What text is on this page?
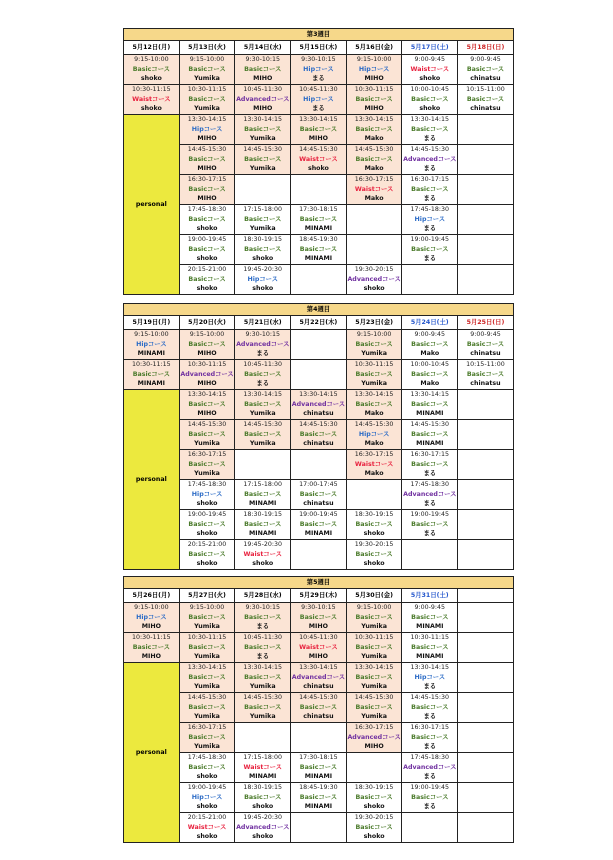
第3週目						
5月12日(月)	5月13日(火)	5月14日(水)	5月15日(木)	5月16日(金)	5月17日(土)	5月18日(日)

9:15-10:00
Basicコース
shoko	9:15-10:00
Basicコース
Yumika	9:30-10:15
Basicコース
MIHO	9:30-10:15
Hipコース
まる	9:15-10:00
Hipコース
MIHO	9:00-9:45
Waistコース
shoko	9:00-9:45
Basicコース
chinatsu

10:30-11:15
Waistコース
shoko	10:30-11:15
Basicコース
Yumika	10:45-11:30
Advancedコース
MIHO	10:45-11:30
Hipコース
まる	10:30-11:15
Basicコース
MIHO	10:00-10:45
Basicコース
shoko	10:15-11:00
Basicコース
chinatsu

personal	13:30-14:15
Hipコース
MIHO	13:30-14:15
Basicコース
Yumika	13:30-14:15
Basicコース
MIHO	13:30-14:15
Basicコース
Mako	13:30-14:15
Basicコース
まる	

	14:45-15:30
Basicコース
MIHO	14:45-15:30
Basicコース
Yumika	14:45-15:30
Waistコース
shoko	14:45-15:30
Basicコース
Mako	14:45-15:30
Advancedコース
まる	

	16:30-17:15
Basicコース
MIHO			16:30-17:15
Waistコース
Mako	16:30-17:15
Basicコース
まる	

	17:45-18:30
Basicコース
shoko	17:15-18:00
Basicコース
Yumika	17:30-18:15
Basicコース
MINAMI		17:45-18:30
Hipコース
まる	

	19:00-19:45
Basicコース
shoko	18:30-19:15
Basicコース
shoko	18:45-19:30
Basicコース
MINAMI		19:00-19:45
Basicコース
まる	

	20:15-21:00
Basicコース
shoko	19:45-20:30
Hipコース
shoko		19:30-20:15
Advancedコース
shoko		

第4週目						
5月19日(月)	5月20日(火)	5月21日(水)	5月22日(木)	5月23日(金)	5月24日(土)	5月25日(日)

9:15-10:00
Hipコース
MINAMI	9:15-10:00
Basicコース
MIHO	9:30-10:15
Advancedコース
まる		9:15-10:00
Basicコース
Yumika	9:00-9:45
Basicコース
Mako	9:00-9:45
Basicコース
chinatsu

10:30-11:15
Basicコース
MINAMI	10:30-11:15
Advancedコース
MIHO	10:45-11:30
Basicコース
まる		10:30-11:15
Basicコース
Yumika	10:00-10:45
Basicコース
Mako	10:15-11:00
Basicコース
chinatsu

personal	13:30-14:15
Basicコース
MIHO	13:30-14:15
Basicコース
Yumika	13:30-14:15
Advancedコース
chinatsu	13:30-14:15
Basicコース
Mako	13:30-14:15
Basicコース
MINAMI	

	14:45-15:30
Basicコース
Yumika	14:45-15:30
Basicコース
Yumika	14:45-15:30
Basicコース
chinatsu	14:45-15:30
Hipコース
Mako	14:45-15:30
Basicコース
MINAMI	

	16:30-17:15
Basicコース
Yumika			16:30-17:15
Waistコース
Mako	16:30-17:15
Basicコース
まる	

	17:45-18:30
Hipコース
shoko	17:15-18:00
Basicコース
MINAMI	17:00-17:45
Basicコース
chinatsu		17:45-18:30
Advancedコース
まる	

	19:00-19:45
Basicコース
shoko	18:30-19:15
Basicコース
MINAMI	19:00-19:45
Basicコース
MINAMI	18:30-19:15
Basicコース
shoko	19:00-19:45
Basicコース
まる	

	20:15-21:00
Basicコース
shoko	19:45-20:30
Waistコース
shoko		19:30-20:15
Basicコース
shoko		

第5週目						
5月26日(月)	5月27日(火)	5月28日(水)	5月29日(木)	5月30日(金)	5月31日(土)	

9:15-10:00
Hipコース
MIHO	9:15-10:00
Basicコース
Yumika	9:30-10:15
Basicコース
まる	9:30-10:15
Basicコース
MIHO	9:15-10:00
Basicコース
Yumika	9:00-9:45
Basicコース
MINAMI	

10:30-11:15
Basicコース
MIHO	10:30-11:15
Basicコース
Yumika	10:45-11:30
Basicコース
まる	10:45-11:30
Waistコース
MIHO	10:30-11:15
Basicコース
Yumika	10:30-11:15
Basicコース
MINAMI	

personal	13:30-14:15
Basicコース
Yumika	13:30-14:15
Basicコース
Yumika	13:30-14:15
Advancedコース
chinatsu	13:30-14:15
Basicコース
Yumika	13:30-14:15
Hipコース
まる	

	14:45-15:30
Basicコース
Yumika	14:45-15:30
Basicコース
Yumika	14:45-15:30
Basicコース
chinatsu	14:45-15:30
Basicコース
Yumika	14:45-15:30
Basicコース
まる	

	16:30-17:15
Basicコース
Yumika			16:30-17:15
Advancedコース
MIHO	16:30-17:15
Basicコース
まる	

	17:45-18:30
Basicコース
shoko	17:15-18:00
Waistコース
MINAMI	17:30-18:15
Basicコース
MINAMI		17:45-18:30
Advancedコース
まる	

	19:00-19:45
Hipコース
shoko	18:30-19:15
Basicコース
shoko	18:45-19:30
Basicコース
MINAMI	18:30-19:15
Basicコース
shoko	19:00-19:45
Basicコース
まる	

	20:15-21:00
Waistコース
shoko	19:45-20:30
Advancedコース
shoko		19:30-20:15
Basicコース
shoko		
